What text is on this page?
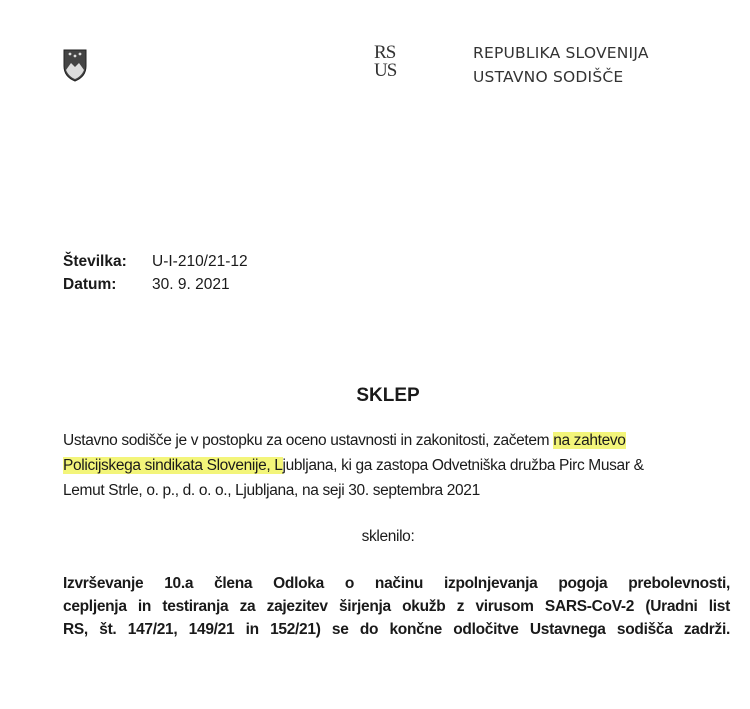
RS
US
REPUBLIKA SLOVENIJA
USTAVNO SODIŠČE
Številka: U-I-210/21-12
Datum: 30. 9. 2021
SKLEP
Ustavno sodišče je v postopku za oceno ustavnosti in zakonitosti, začetem na zahtevo
Policijskega sindikata Slovenije, Ljubljana, ki ga zastopa Odvetniška družba Pirc Musar &
Lemut Strle, o. p., d. o. o., Ljubljana, na seji 30. septembra 2021
sklenilo:
Izvrševanje 10.a člena Odloka o načinu izpolnjevanja pogoja prebolevnosti,
cepljenja in testiranja za zajezitev širjenja okužb z virusom SARS-CoV-2 (Uradni list
RS, št. 147/21, 149/21 in 152/21) se do končne odločitve Ustavnega sodišča zadrži.
